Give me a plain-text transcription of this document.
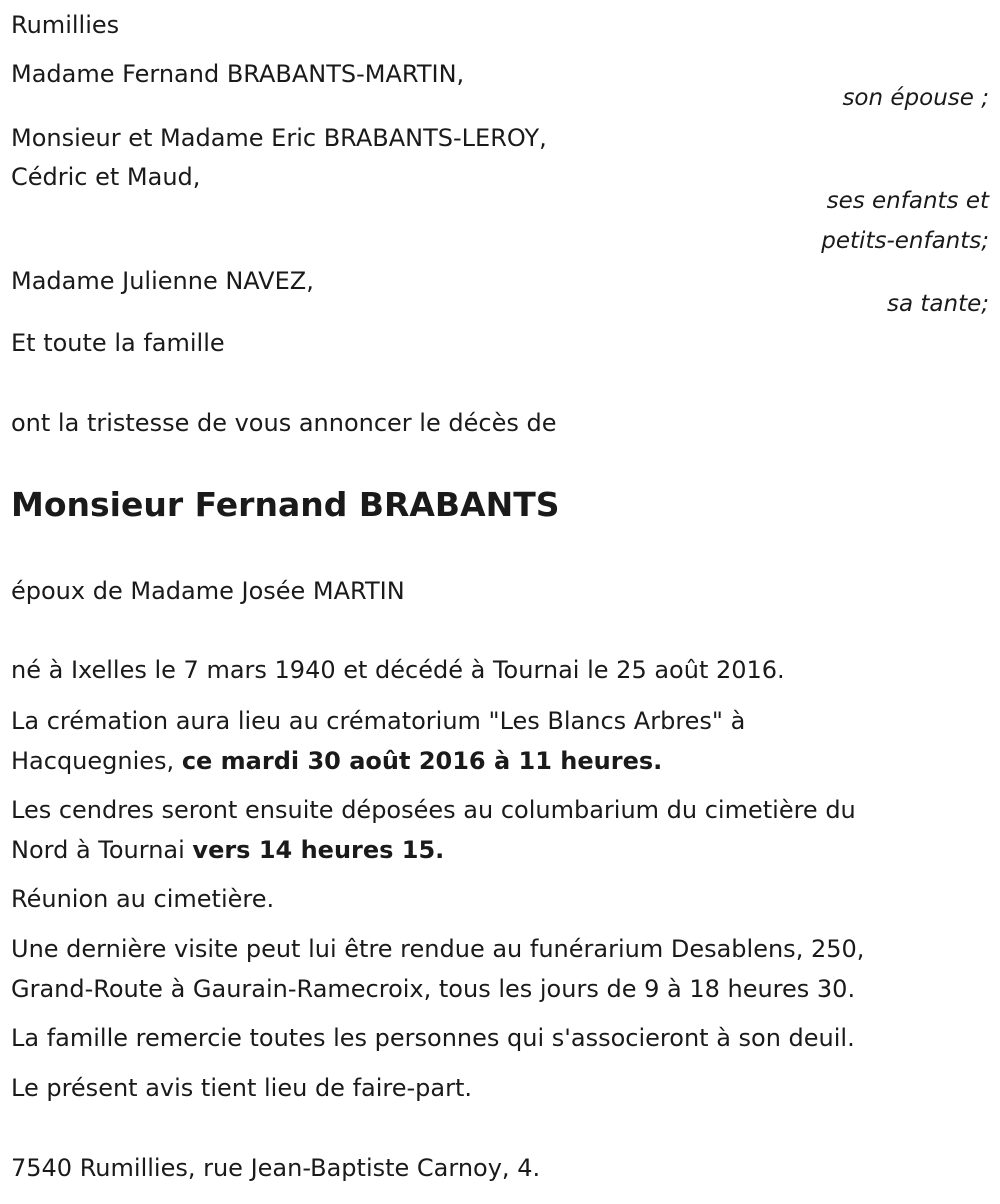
Rumillies

Madame Fernand BRABANTS-MARTIN,

son épouse ;

Monsieur et Madame Eric BRABANTS-LEROY,

Cédric et Maud,

ses enfants et

petits-enfants;

Madame Julienne NAVEZ,

sa tante;

Et toute la famille

ont la tristesse de vous annoncer le décès de

Monsieur Fernand BRABANTS

époux de Madame Josée MARTIN

né à Ixelles le 7 mars 1940 et décédé à Tournai le 25 août 2016.

La crémation aura lieu au crématorium "Les Blancs Arbres" à

Hacquegnies, ce mardi 30 août 2016 à 11 heures.

Les cendres seront ensuite déposées au columbarium du cimetière du

Nord à Tournai vers 14 heures 15.

Réunion au cimetière.

Une dernière visite peut lui être rendue au funérarium Desablens, 250,

Grand-Route à Gaurain-Ramecroix, tous les jours de 9 à 18 heures 30.

La famille remercie toutes les personnes qui s'associeront à son deuil.

Le présent avis tient lieu de faire-part.

7540 Rumillies, rue Jean-Baptiste Carnoy, 4.
